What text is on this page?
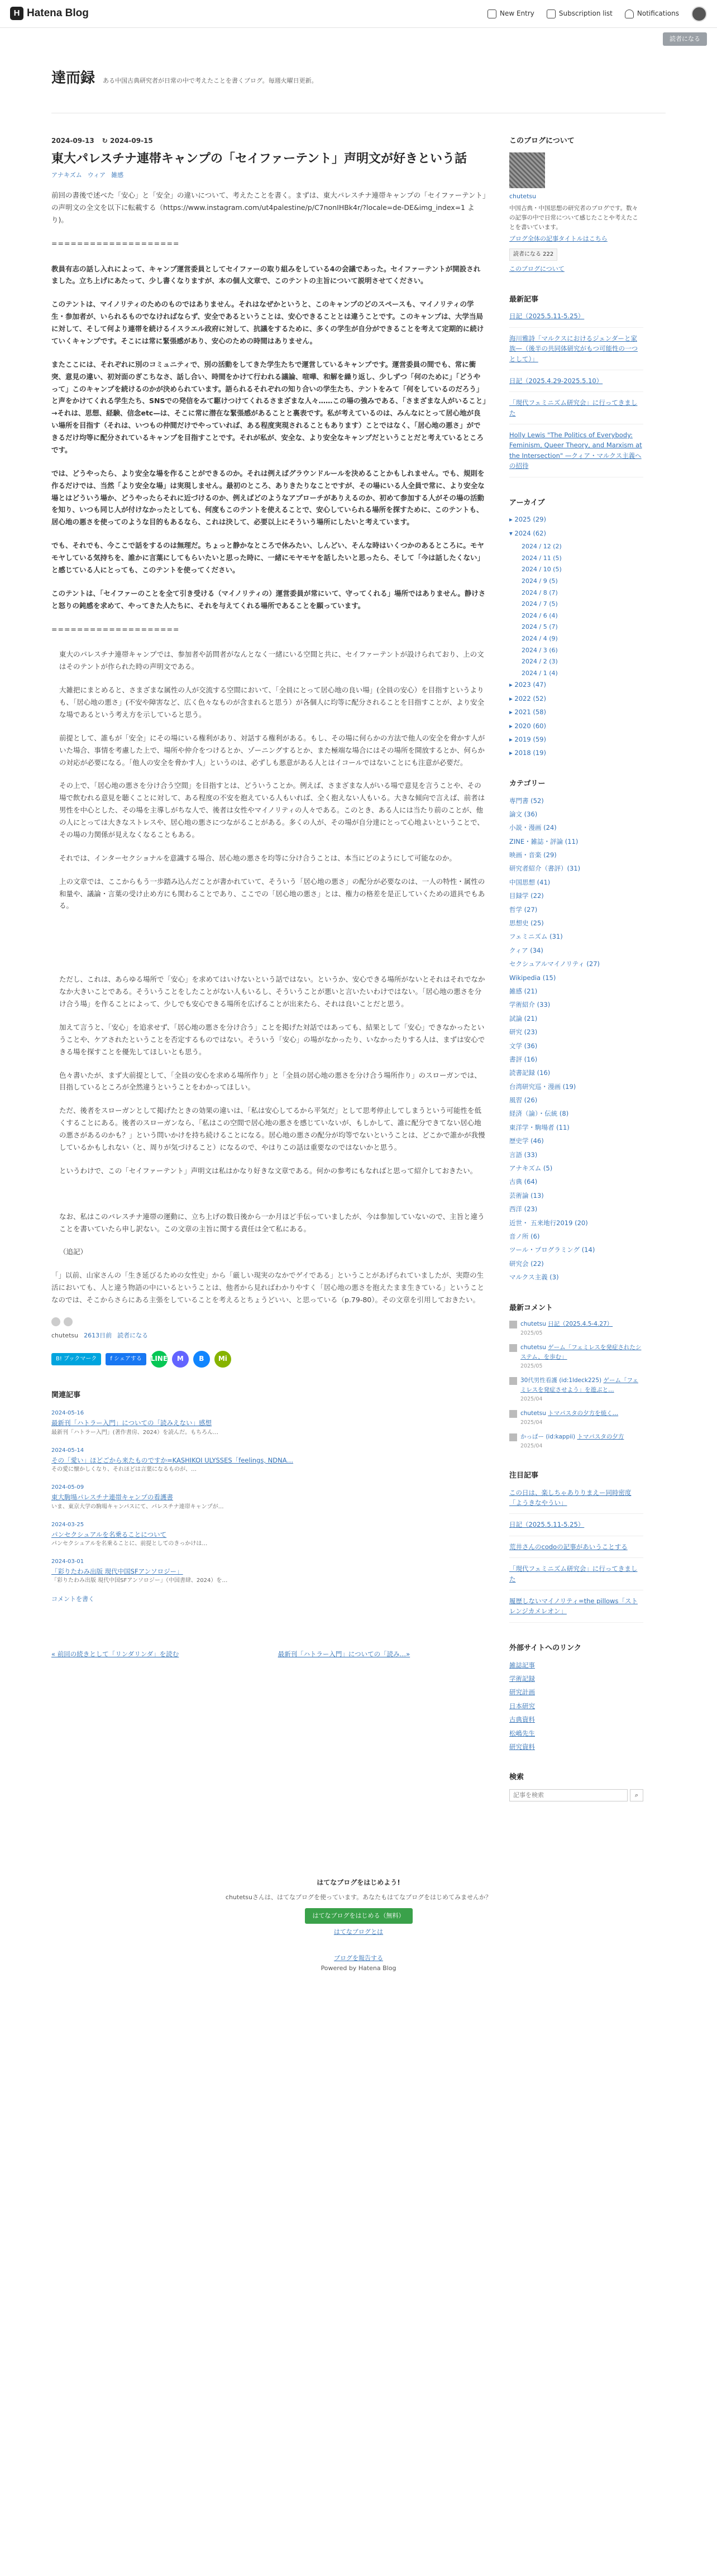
H Hatena Blog	New Entry	Subscription list	Notifications
読者になる
達而録 ある中国古典研究者が日常の中で考えたことを書くブログ。毎週火曜日更新。
2024-09-13 ↻ 2024-09-15
東大パレスチナ連帯キャンプの「セイファーテント」声明文が好きという話
アナキズム ウィア 雑感

前回の書後で述べた「安心」と「安全」の違いについて、考えたことを書く。まずは、東大パレスチナ連帯キャンプの「セイファーテント」の声明文の全文を以下に転載する（https://www.instagram.com/ut4palestine/p/C7nonIHBk4r/?locale=de-DE&img_index=1 より)。

====================

教員有志の話し入れによって、キャンプ運営委員としてセイファーの取り組みをしている4の会議であった。セイファーテントが開設されました。立ち上げにあたって、少し書くなりますが、本の個人文章で、このテントの主旨について説明させてください。

このテントは、マイノリティのためのものではありません。それはなぜかというと、このキャンプのどのスペースも、マイノリティの学生・参加者が、いられるものでなければならず、安全であるということは、安心できることとは違うことです。このキャンプは、大学当局に対して、そして何より連帯を続けるイスラエル政府に対して、抗議をするために、多くの学生が自分ができることを考えて定期的に続けていくキャンプです。そこには常に緊張感があり、安心のための時間はありません。

またここには、それぞれに別のコミュニティで、別の活動をしてきた学生たちで運営しているキャンプです。運営委員の間でも、常に衝突、意見の違い、初対面のぎこちなさ、話し合い、時間をかけて行われる議論、喧嘩、和解を繰り返し、少しずつ「何のために」「どうやって」このキャンプを続けるのかが決められています。語られるそれぞれの知り合いの学生たち、テントをみて「何をしているのだろう」と声をかけてくれる学生たち、SNSでの発信をみて駆けつけてくれるさまざまな人々……この場の強みである、「さまざまな人がいること」→それは、思想、経験、信念etc—は、そこに常に潜在な緊張感があることと裏表です。私が考えているのは、みんなにとって居心地が良い場所を目指す（それは、いつもの仲間だけでやっていれば、ある程度実現されることもあります）ことではなく、「居心地の悪さ」ができるだけ均等に配分されているキャンプを目指すことです。それが私が、安全な、より安全なキャンプだということだと考えているところです。

では、どうやったら、より安全な場を作ることができるのか。それは例えばグラウンドルールを決めることかもしれません。でも、規則を作るだけでは、当然「より安全な場」は実現しません。最初のところ、ありきたりなことですが、その場にいる人全員で常に、より安全な場とはどういう場か、どうやったらそれに近づけるのか、例えばどのようなアプローチがありえるのか、初めて参加する人がその場の活動を知り、いつも同じ人が付けなかったとしても、何度もこのテントを使えることで、安心していられる場所を探すために、このテントも、居心地の悪さを使ってのような目的もあるなら、これは決して、必要以上にそういう場所にしたいと考えています。

でも、それでも、今ここで話をするのは無理だ。ちょっと静かなところで休みたい、しんどい、そんな時はいくつかのあるところに。モヤモヤしている気持ちを、誰かに言葉にしてもらいたいと思った時に、一緒にモヤモヤを話したいと思ったら、そして「今は話したくない」と感じている人にとっても、このテントを使ってください。

このテントは、「セイファーのことを全て引き受ける（マイノリティの）運営委員が常にいて、守ってくれる」場所ではありません。静けさと怒りの鈍感を求めて、やってきた人たちに、それを与えてくれる場所であることを願っています。

====================

東大のパレスチナ連帯キャンプでは、参加者や訪問者がなんとなく一緒にいる空間と共に、セイファーテントが設けられており、上の文はそのテントが作られた時の声明文である。

大雑把にまとめると、さまざまな属性の人が交流する空間において、「全員にとって居心地の良い場」(全員の安心）を目指すというよりも、「居心地の悪さ」(不安や障害など、広く色々なものが含まれると思う）が各個人に均等に配分されることを目指すことが、より安全な場であるという考え方を示していると思う。

前提として、誰もが「安全」にその場にいる権利があり、対話する権利がある。もし、その場に何らかの方法で他人の安全を脅かす人がいた場合、事情を考慮した上で、場所や仲介をつけるとか、ゾーニングするとか、また極端な場合にはその場所を開放するとか、何らかの対応が必要になる。「他人の安全を脅かす人」というのは、必ずしも悪意がある人とはイコールではないことにも注意が必要だ。

その上で、「居心地の悪さを分け合う空間」を目指すとは、どういうことか。例えば、さまざまな人がいる場で意見を言うことや、その場で飲むれる意見を聴くことに対して、ある程度の不安を抱えている人もいれば、全く抱えない人もいる。大きな傾向で言えば、前者は男性を中心とした、その場を主導しがちな人で、後者は女性やマイノリティの人々である。このとき、ある人には当たり前のことが、他の人にとっては大きなストレスや、居心地の悪さにつながることがある。多くの人が、その場が自分達にとって心地よいということで、その場の力関係が見えなくなることもある。

それでは、インターセクショナルを意識する場合、居心地の悪さを均等に分け合うことは、本当にどのようにして可能なのか。

上の文章では、ここからもう一歩踏み込んだことが書かれていて、そういう「居心地の悪さ」の配分が必要なのは、一人の特性・属性の和量や、議論・言葉の受け止め方にも関わることであり、ここでの「居心地の悪さ」とは、権力の格差を是正していくための道具でもある。

ただし、これは、あらゆる場所で「安心」を求めてはいけないという話ではない。というか、安心できる場所がないとそれはそれでなかなか大きいことである。そういうことをしたことがない人もいるし、そういうことが悪いと言いたいわけではない。「居心地の悪さを分け合う場」を作ることによって、少しでも安心できる場所を広げることが出来たら、それは良いことだと思う。

加えて言うと、「安心」を追求せず、「居心地の悪さを分け合う」ことを掲げた対話ではあっても、結果として「安心」できなかったということや、ケアされたということを否定するものではない。そういう「安心」の場がなかったり、いなかったりする人は、まずは安心できる場を探すことを優先してほしいとも思う。

色々書いたが、まず大前提として、「全員の安心を求める場所作り」と「全員の居心地の悪さを分け合う場所作り」のスローガンでは、目指しているところが全然違うということをわかってほしい。

ただ、後者をスローガンとして掲げたときの効果の違いは、「私は安心してるから平気だ」として思考停止してしまうという可能性を低くすることにある。後者のスローガンなら、「私はこの空間で居心地の悪さを感じていないが、もしかして、誰に配分できてない居心地の悪さがあるのかも？」という問いかけを持ち続けることになる。居心地の悪さの配分が均等でないということは、どこかで誰かが我慢しているかもしれない（と、周りが気づけること）になるので、やはりこの話は重要なのではないかと思う。

というわけで、この「セイファーテント」声明文は私はかなり好きな文章である。何かの参考にもなればと思って紹介しておきたい。

なお、私はこのパレスチナ連帯の運動に、立ち上げの数日後から一か月ほど手伝っていましたが、今は参加していないので、主旨と違うことを書いていたら申し訳ない。この文章の主旨に関する責任は全て私にある。

（追記）

「」以前、山家さんの「生き延びるための女性史」から「厳しい現実のなかでゲイである」ということがあげられていましたが、実際の生活においても、人と違う物語の中にいるということは、他者から見ればわかりやすく「居心地の悪さを抱えたまま生きている」ということなのでは、そこからさらにある主張をしていることを考えるとちょうどいい、と思っている（p.79-80）。その文章を引用しておきたい。

chutetsu 2613日前 読者になる
B! ブックマーク	f シェアする	LINE	M	B	Mi
関連記事
2024-05-16
最新刊「ハトラー入門」についての「読みえない」感想
最新刊「ハトラー入門」(著作書房、2024）を読んだ。もちろん…
2024-05-14
その「愛い」ほどごから来たものですか=KASHIKOI ULYSSES「feelings, NDNA…
その愛に懐かしくなり、それほどは言葉になるものが、…
2024-05-09
東大駒場パレスチナ連帯キャンプの看護書
いま、東京大学の駒場キャンパスにて、パレスチナ連帯キャンプが…
2024-03-25
パンセクシュアルを名乗ることについて
パンセクシュアルを名乗ることに、前提としてのきっかけは…
2024-03-01
「彩りたわみ出版 現代中国SFアンソロジー」
「彩りたわみ出版 現代中国SFアンソロジー」（中国書肆、2024）を…
コメントを書く
« 前回の続きとして「リンダリンダ」を読む	最新刊「ハトラー入門」についての「読み…»
このブログについて
chutetsu
中国古典・中国思想の研究者のブログです。数々の記事の中で日常について感じたことや考えたことを書いています。
ブログ全体の記事タイトルはこちら
読者になる 222
このブログについて
最新記事
日記（2025.5.11-5.25）
海川雅詩「マルクスにおけるジェンダーと家族—（後半の共同体研究がもつ可能性の一つとして）」
日記（2025.4.29-2025.5.10）
「現代フェミニズム研究会」に行ってきました
Holly Lewis "The Politics of Everybody: Feminism, Queer Theory, and Marxism at the Intersection" —クィア・マルクス主義への招待
アーカイブ
▸ 2025 (29)
▾ 2024 (62)
2024 / 12 (2)
2024 / 11 (5)
2024 / 10 (5)
2024 / 9 (5)
2024 / 8 (7)
2024 / 7 (5)
2024 / 6 (4)
2024 / 5 (7)
2024 / 4 (9)
2024 / 3 (6)
2024 / 2 (3)
2024 / 1 (4)
▸ 2023 (47)
▸ 2022 (52)
▸ 2021 (58)
▸ 2020 (60)
▸ 2019 (59)
▸ 2018 (19)
カテゴリー
専門書 (52)
論文 (36)
小説・漫画 (24)
ZINE・雑誌・評論 (11)
映画・音楽 (29)
研究者紹介（書評）(31)
中国思想 (41)
目録学 (22)
哲学 (27)
思想史 (25)
フェミニズム (31)
クィア (34)
セクシュアルマイノリティ (27)
Wikipedia (15)
雑感 (21)
学術紹介 (33)
試論 (21)
研究 (23)
文学 (36)
書評 (16)
読書記録 (16)
台湾研究巡・漫画 (19)
風習 (26)
経済（論）・伝統 (8)
東洋学・駒場者 (11)
歴史学 (46)
言語 (33)
アナキズム (5)
古典 (64)
芸術論 (13)
西洋 (23)
近世・ 五来地行2019 (20)
音ノ所 (6)
ツール・プログラミング (14)
研究会 (22)
マルクス主義 (3)
最新コメント
chutetsu 日記（2025.4.5-4.27）
2025/05
chutetsu ゲーム「フェミレスを発症されたシステム、を歩む」
2025/05
30代男性看護 (id:1ldeck225) ゲーム「フェミレスを発症させよう」を遊ぶと…
2025/04
chutetsu トマパスタの夕方を焼く…
2025/04
かっぱー (id:kappii) トマパスタの夕方
2025/04
注目記事
この日は、楽しちゃありりまえー同時密度「ようきなやうい」
日記（2025.5.11-5.25）
荒井さんのcodoの記事があいうことする
「現代フェミニズム研究会」に行ってきました
履歴しないマイノリティ=the pillows「ストレンジカメレオン」
外部サイトへのリンク
雑誌記事
学術記録
研究計画
日本研究
古典資料
松嶋先生
研究資料
検索
記事を検索
⌕
はてなブログをはじめよう!
chutetsuさんは、はてなブログを使っています。あなたもはてなブログをはじめてみませんか？
はてなブログをはじめる（無料）
はてなブログとは
ブログを報告する
Powered by Hatena Blog
